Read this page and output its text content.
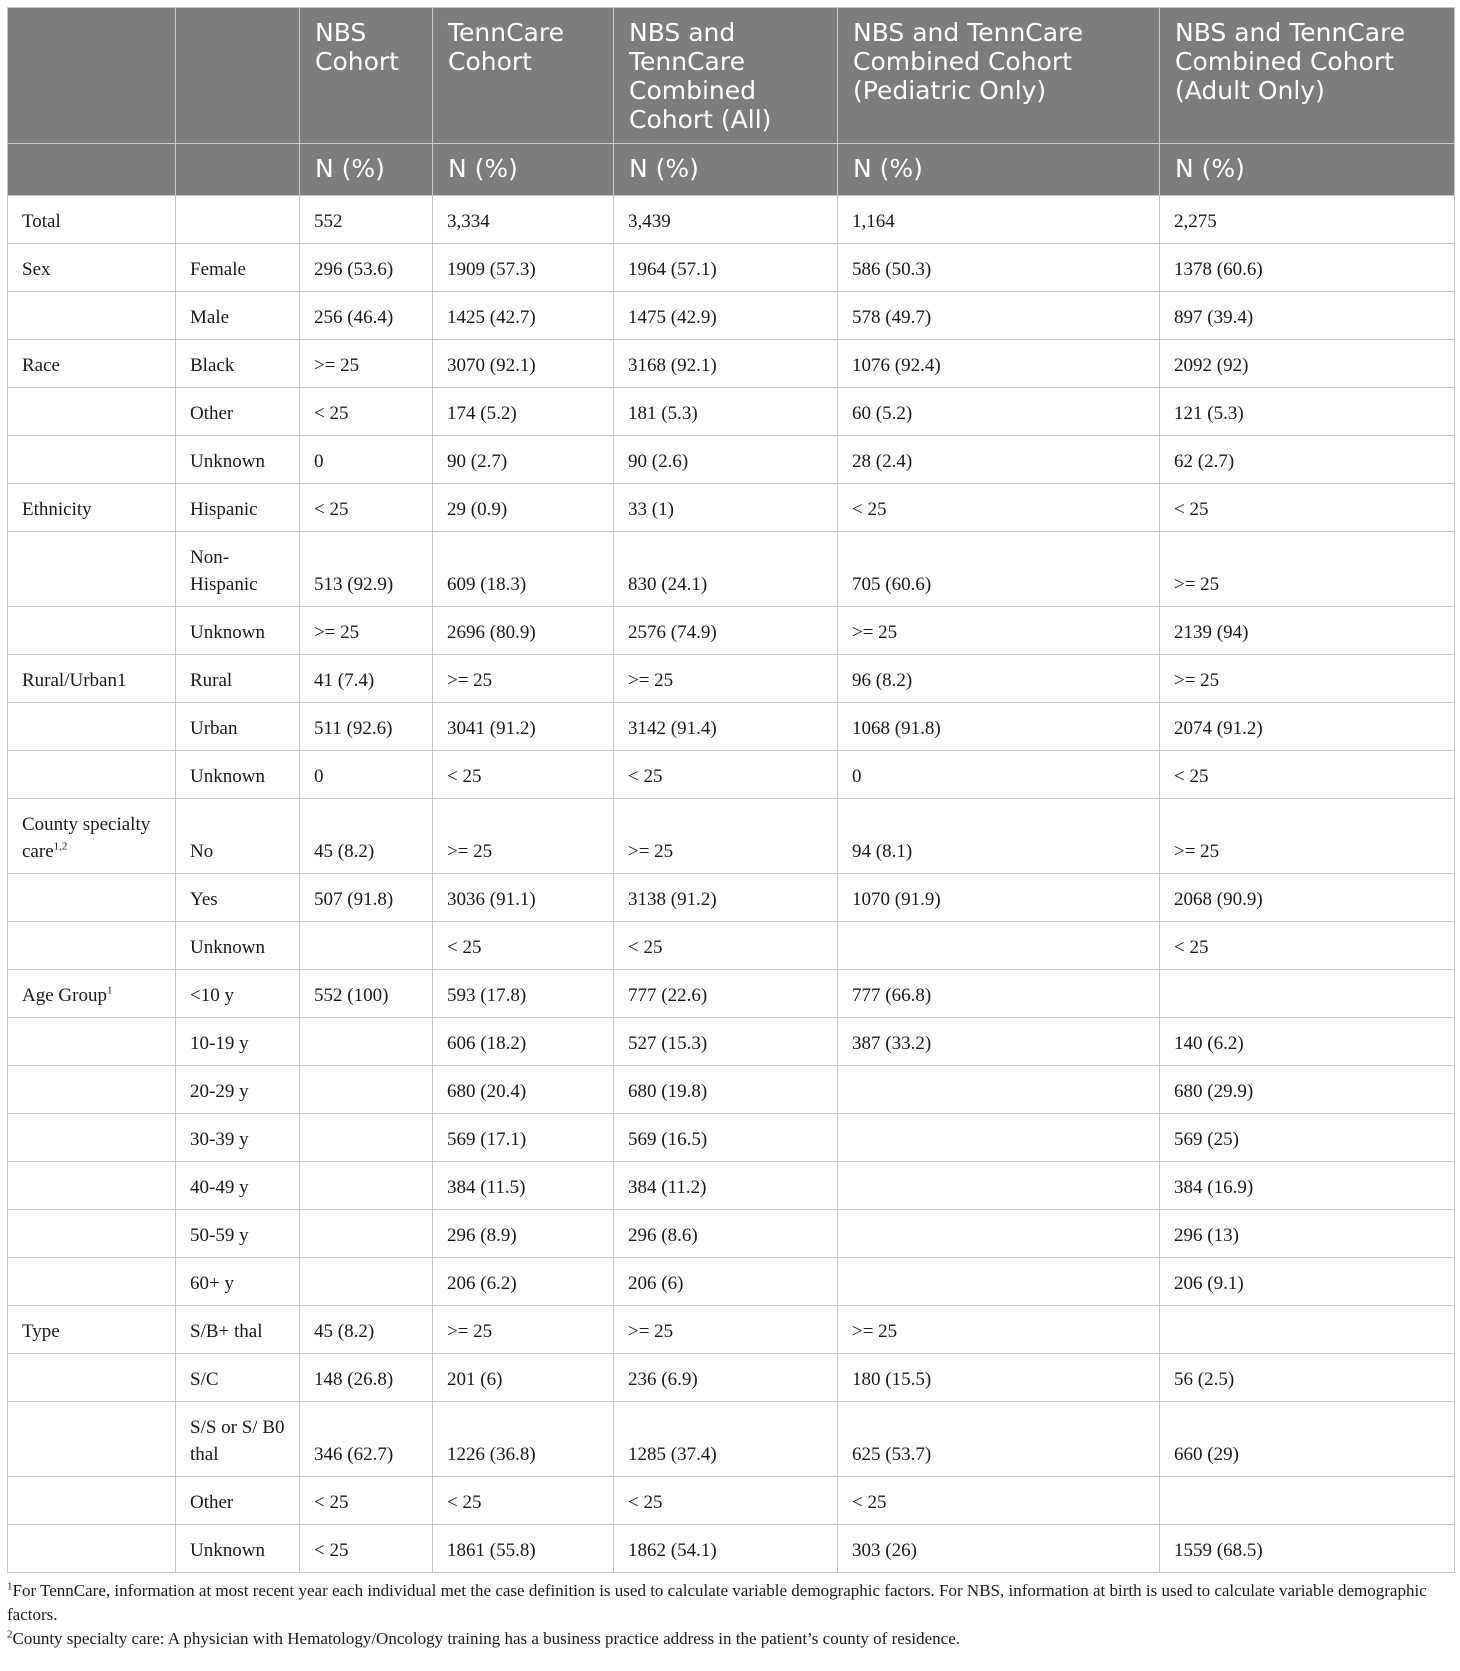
		NBS Cohort	TennCare Cohort	NBS and TennCare Combined Cohort (All)	NBS and TennCare Combined Cohort (Pediatric Only)	NBS and TennCare Combined Cohort (Adult Only)
		N (%)	N (%)	N (%)	N (%)	N (%)
Total		552	3,334	3,439	1,164	2,275
Sex	Female	296 (53.6)	1909 (57.3)	1964 (57.1)	586 (50.3)	1378 (60.6)
	Male	256 (46.4)	1425 (42.7)	1475 (42.9)	578 (49.7)	897 (39.4)
Race	Black	>= 25	3070 (92.1)	3168 (92.1)	1076 (92.4)	2092 (92)
	Other	< 25	174 (5.2)	181 (5.3)	60 (5.2)	121 (5.3)
	Unknown	0	90 (2.7)	90 (2.6)	28 (2.4)	62 (2.7)
Ethnicity	Hispanic	< 25	29 (0.9)	33 (1)	< 25	< 25
	Non-Hispanic	513 (92.9)	609 (18.3)	830 (24.1)	705 (60.6)	>= 25
	Unknown	>= 25	2696 (80.9)	2576 (74.9)	>= 25	2139 (94)
Rural/Urban1	Rural	41 (7.4)	>= 25	>= 25	96 (8.2)	>= 25
	Urban	511 (92.6)	3041 (91.2)	3142 (91.4)	1068 (91.8)	2074 (91.2)
	Unknown	0	< 25	< 25	0	< 25
County specialty care$^{1,2}$	No	45 (8.2)	>= 25	>= 25	94 (8.1)	>= 25
	Yes	507 (91.8)	3036 (91.1)	3138 (91.2)	1070 (91.9)	2068 (90.9)
	Unknown		< 25	< 25		< 25
Age Group$^1$	<10 y	552 (100)	593 (17.8)	777 (22.6)	777 (66.8)	
	10-19 y		606 (18.2)	527 (15.3)	387 (33.2)	140 (6.2)
	20-29 y		680 (20.4)	680 (19.8)		680 (29.9)
	30-39 y		569 (17.1)	569 (16.5)		569 (25)
	40-49 y		384 (11.5)	384 (11.2)		384 (16.9)
	50-59 y		296 (8.9)	296 (8.6)		296 (13)
	60+ y		206 (6.2)	206 (6)		206 (9.1)
Type	S/B+ thal	45 (8.2)	>= 25	>= 25	>= 25	
	S/C	148 (26.8)	201 (6)	236 (6.9)	180 (15.5)	56 (2.5)
	S/S or S/ B0 thal	346 (62.7)	1226 (36.8)	1285 (37.4)	625 (53.7)	660 (29)
	Other	< 25	< 25	< 25	< 25	
	Unknown	< 25	1861 (55.8)	1862 (54.1)	303 (26)	1559 (68.5)

$^1$For TennCare, information at most recent year each individual met the case definition is used to calculate variable demographic factors. For NBS, information at birth is used to calculate variable demographic factors.

$^2$County specialty care: A physician with Hematology/Oncology training has a business practice address in the patient’s county of residence.
